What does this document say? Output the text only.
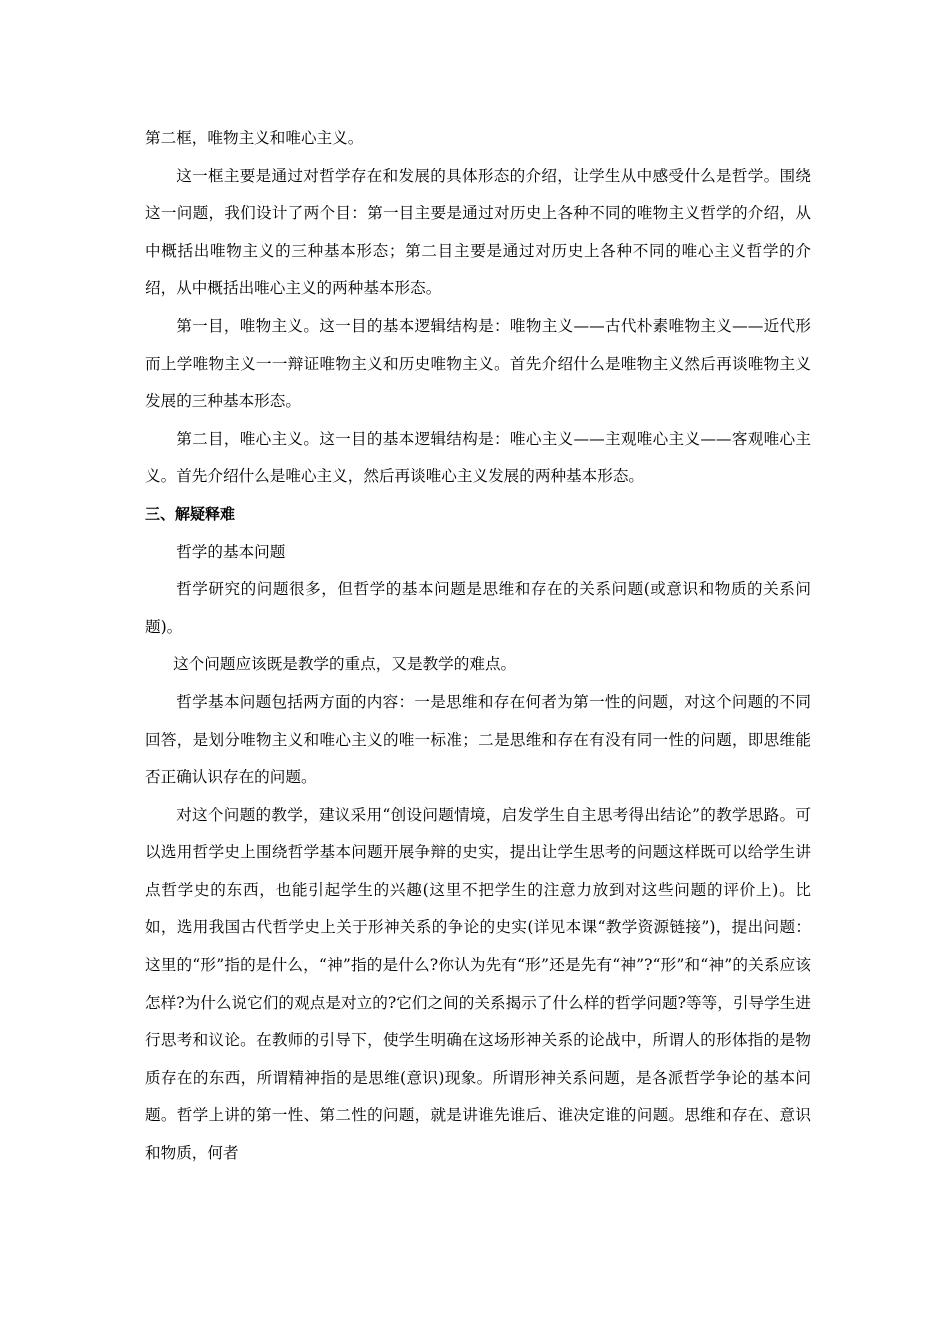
第二框，唯物主义和唯心主义。

这一框主要是通过对哲学存在和发展的具体形态的介绍，让学生从中感受什么是哲学。围绕这一问题，我们设计了两个目：第一目主要是通过对历史上各种不同的唯物主义哲学的介绍，从中概括出唯物主义的三种基本形态；第二目主要是通过对历史上各种不同的唯心主义哲学的介绍，从中概括出唯心主义的两种基本形态。

第一目，唯物主义。这一目的基本逻辑结构是：唯物主义——古代朴素唯物主义——近代形而上学唯物主义一一辩证唯物主义和历史唯物主义。首先介绍什么是唯物主义然后再谈唯物主义发展的三种基本形态。

第二目，唯心主义。这一目的基本逻辑结构是：唯心主义——主观唯心主义——客观唯心主义。首先介绍什么是唯心主义，然后再谈唯心主义发展的两种基本形态。

三、解疑释难

哲学的基本问题

哲学研究的问题很多，但哲学的基本问题是思维和存在的关系问题(或意识和物质的关系问题)。

这个问题应该既是教学的重点，又是教学的难点。

哲学基本问题包括两方面的内容：一是思维和存在何者为第一性的问题，对这个问题的不同回答，是划分唯物主义和唯心主义的唯一标准；二是思维和存在有没有同一性的问题，即思维能否正确认识存在的问题。

对这个问题的教学，建议采用“创设问题情境，启发学生自主思考得出结论”的教学思路。可以选用哲学史上围绕哲学基本问题开展争辩的史实，提出让学生思考的问题这样既可以给学生讲点哲学史的东西，也能引起学生的兴趣(这里不把学生的注意力放到对这些问题的评价上)。比如，选用我国古代哲学史上关于形神关系的争论的史实(详见本课“教学资源链接”)，提出问题：这里的“形”指的是什么，“神”指的是什么?你认为先有“形”还是先有“神”?“形”和“神”的关系应该怎样?为什么说它们的观点是对立的?它们之间的关系揭示了什么样的哲学问题?等等，引导学生进行思考和议论。在教师的引导下，使学生明确在这场形神关系的论战中，所谓人的形体指的是物质存在的东西，所谓精神指的是思维(意识)现象。所谓形神关系问题，是各派哲学争论的基本问题。哲学上讲的第一性、第二性的问题，就是讲谁先谁后、谁决定谁的问题。思维和存在、意识和物质，何者
